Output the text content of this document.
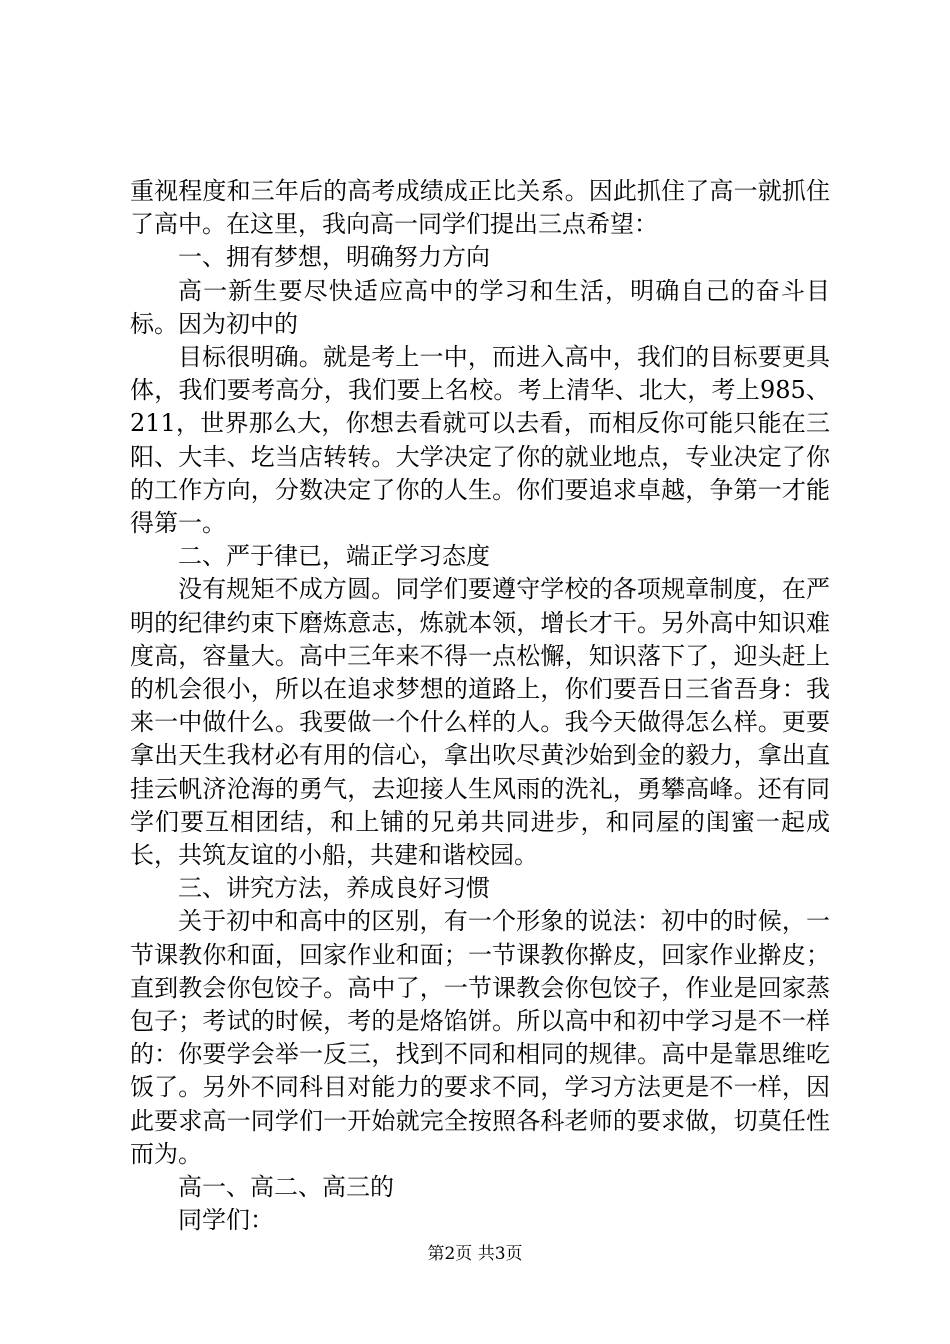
重视程度和三年后的高考成绩成正比关系。因此抓住了高一就抓住了高中。在这里，我向高一同学们提出三点希望：

一、拥有梦想，明确努力方向

高一新生要尽快适应高中的学习和生活，明确自己的奋斗目标。因为初中的

目标很明确。就是考上一中，而进入高中，我们的目标要更具体，我们要考高分，我们要上名校。考上清华、北大，考上985、211，世界那么大，你想去看就可以去看，而相反你可能只能在三阳、大丰、圪当店转转。大学决定了你的就业地点，专业决定了你的工作方向，分数决定了你的人生。你们要追求卓越，争第一才能得第一。

二、严于律已，端正学习态度

没有规矩不成方圆。同学们要遵守学校的各项规章制度，在严明的纪律约束下磨炼意志，炼就本领，增长才干。另外高中知识难度高，容量大。高中三年来不得一点松懈，知识落下了，迎头赶上的机会很小，所以在追求梦想的道路上，你们要吾日三省吾身：我来一中做什么。我要做一个什么样的人。我今天做得怎么样。更要拿出天生我材必有用的信心，拿出吹尽黄沙始到金的毅力，拿出直挂云帆济沧海的勇气，去迎接人生风雨的洗礼，勇攀高峰。还有同学们要互相团结，和上铺的兄弟共同进步，和同屋的闺蜜一起成长，共筑友谊的小船，共建和谐校园。

三、讲究方法，养成良好习惯

关于初中和高中的区别，有一个形象的说法：初中的时候，一节课教你和面，回家作业和面；一节课教你擀皮，回家作业擀皮；直到教会你包饺子。高中了，一节课教会你包饺子，作业是回家蒸包子；考试的时候，考的是烙馅饼。所以高中和初中学习是不一样的：你要学会举一反三，找到不同和相同的规律。高中是靠思维吃饭了。另外不同科目对能力的要求不同，学习方法更是不一样，因此要求高一同学们一开始就完全按照各科老师的要求做，切莫任性而为。

高一、高二、高三的

同学们：

第2页 共3页
